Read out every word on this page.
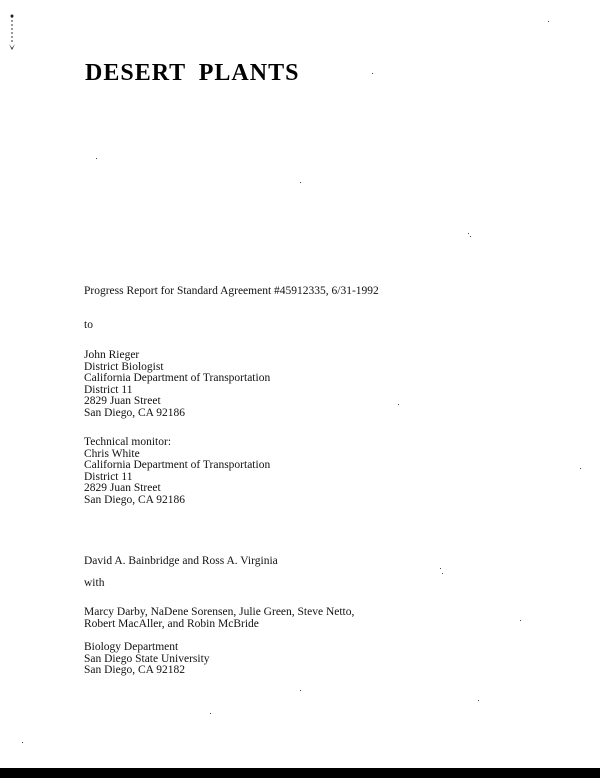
DESERT PLANTS
Progress Report for Standard Agreement #45912335, 6/31-1992
to
John Rieger
District Biologist
California Department of Transportation
District 11
2829 Juan Street
San Diego, CA 92186
Technical monitor:
Chris White
California Department of Transportation
District 11
2829 Juan Street
San Diego, CA 92186
David A. Bainbridge and Ross A. Virginia
with
Marcy Darby, NaDene Sorensen, Julie Green, Steve Netto,
Robert MacAller, and Robin McBride
Biology Department
San Diego State University
San Diego, CA 92182
